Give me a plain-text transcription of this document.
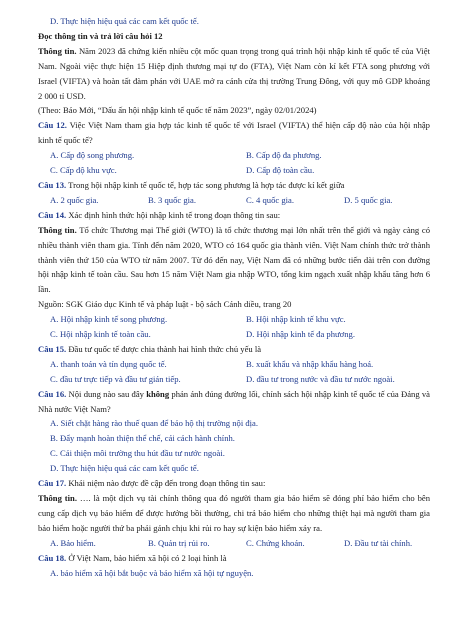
D. Thực hiện hiệu quả các cam kết quốc tế.

Đọc thông tin và trả lời câu hỏi 12

Thông tin. Năm 2023 đã chứng kiến nhiều cột mốc quan trọng trong quá trình hội nhập kinh tế quốc tế của Việt Nam. Ngoài việc thực hiện 15 Hiệp định thương mại tự do (FTA), Việt Nam còn kí kết FTA song phương với Israel (VIFTA) và hoàn tất đàm phán với UAE mở ra cánh cửa thị trường Trung Đông, với quy mô GDP khoảng 2 000 tỉ USD.

(Theo: Báo Mới, “Dấu ấn hội nhập kinh tế quốc tế năm 2023”, ngày 02/01/2024)

Câu 12. Việc Việt Nam tham gia hợp tác kinh tế quốc tế với Israel (VIFTA) thể hiện cấp độ nào của hội nhập kinh tế quốc tế?

A. Cấp độ song phương.	B. Cấp độ đa phương.
C. Cấp độ khu vực.	D. Cấp độ toàn cầu.

Câu 13. Trong hội nhập kinh tế quốc tế, hợp tác song phương là hợp tác được kí kết giữa

A. 2 quốc gia.	B. 3 quốc gia.	C. 4 quốc gia.	D. 5 quốc gia.

Câu 14. Xác định hình thức hội nhập kinh tế trong đoạn thông tin sau:

Thông tin. Tổ chức Thương mại Thế giới (WTO) là tổ chức thương mại lớn nhất trên thế giới và ngày càng có nhiều thành viên tham gia. Tính đến năm 2020, WTO có 164 quốc gia thành viên. Việt Nam chính thức trở thành thành viên thứ 150 của WTO từ năm 2007. Từ đó đến nay, Việt Nam đã có những bước tiến dài trên con đường hội nhập kinh tế toàn cầu. Sau hơn 15 năm Việt Nam gia nhập WTO, tổng kim ngạch xuất nhập khẩu tăng hơn 6 lần.

Nguồn: SGK Giáo dục Kinh tế và pháp luật - bộ sách Cánh diều, trang 20

A. Hội nhập kinh tế song phương.	B. Hội nhập kinh tế khu vực.
C. Hội nhập kinh tế toàn cầu.	D. Hội nhập kinh tế đa phương.

Câu 15. Đầu tư quốc tế được chia thành hai hình thức chủ yếu là

A. thanh toán và tín dụng quốc tế.	B. xuất khẩu và nhập khẩu hàng hoá.
C. đầu tư trực tiếp và đầu tư gián tiếp.	D. đầu tư trong nước và đầu tư nước ngoài.

Câu 16. Nội dung nào sau đây không phản ánh đúng đường lối, chính sách hội nhập kinh tế quốc tế của Đảng và Nhà nước Việt Nam?

A. Siết chặt hàng rào thuế quan để bảo hộ thị trường nội địa.

B. Đẩy mạnh hoàn thiện thể chế, cải cách hành chính.

C. Cải thiện môi trường thu hút đầu tư nước ngoài.

D. Thực hiện hiệu quả các cam kết quốc tế.

Câu 17. Khái niệm nào được đề cập đến trong đoạn thông tin sau:

Thông tin. …. là một dịch vụ tài chính thông qua đó người tham gia bảo hiểm sẽ đóng phí bảo hiểm cho bên cung cấp dịch vụ bảo hiểm để được hưởng bồi thường, chi trả bảo hiểm cho những thiệt hại mà người tham gia bảo hiểm hoặc người thứ ba phải gánh chịu khi rủi ro hay sự kiện bảo hiểm xảy ra.

A. Bảo hiểm.	B. Quản trị rủi ro.	C. Chứng khoán.	D. Đầu tư tài chính.

Câu 18. Ở Việt Nam, bảo hiểm xã hội có 2 loại hình là

A. bảo hiểm xã hội bắt buộc và bảo hiểm xã hội tự nguyện.
